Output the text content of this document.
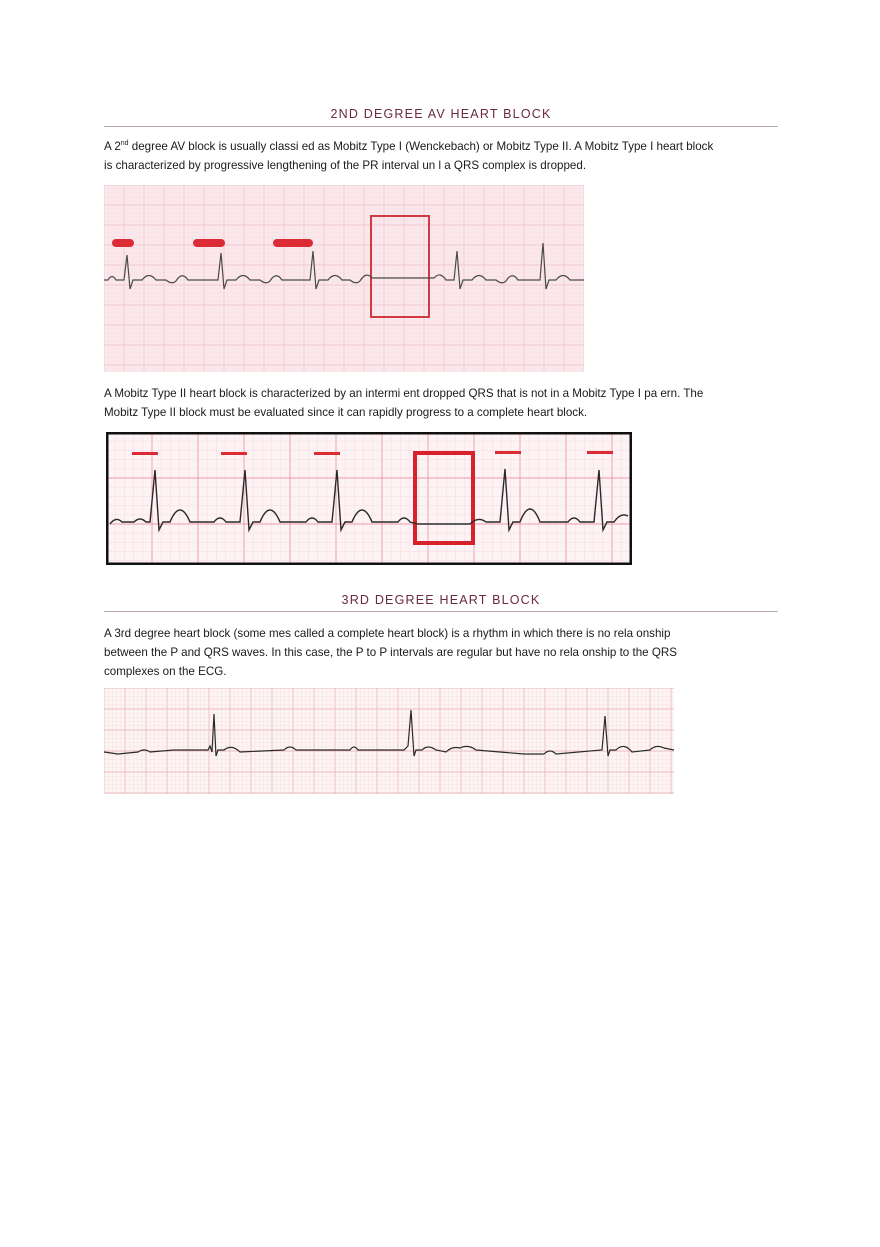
2ND DEGREE AV HEART BLOCK

A 2nd degree AV block is usually classi ed as Mobitz Type I (Wenckebach) or Mobitz Type II. A Mobitz Type I heart block
is characterized by progressive lengthening of the PR interval un l a QRS complex is dropped.

A Mobitz Type II heart block is characterized by an intermi ent dropped QRS that is not in a Mobitz Type I pa ern. The
Mobitz Type II block must be evaluated since it can rapidly progress to a complete heart block.

3RD DEGREE HEART BLOCK

A 3rd degree heart block (some mes called a complete heart block) is a rhythm in which there is no rela onship
between the P and QRS waves. In this case, the P to P intervals are regular but have no rela onship to the QRS
complexes on the ECG.
